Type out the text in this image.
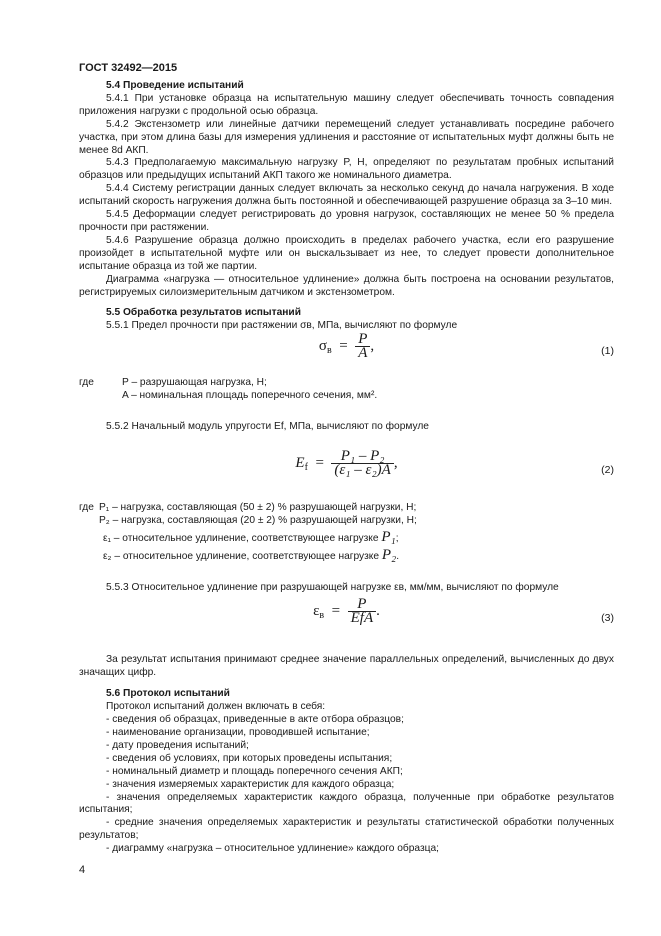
ГОСТ 32492—2015

5.4 Проведение испытаний

5.4.1 При установке образца на испытательную машину следует обеспечивать точность совпадения приложения нагрузки с продольной осью образца.

5.4.2 Экстензометр или линейные датчики перемещений следует устанавливать посредине рабочего участка, при этом длина базы для измерения удлинения и расстояние от испытательных муфт должны быть не менее 8d АКП.

5.4.3 Предполагаемую максимальную нагрузку P, Н, определяют по результатам пробных испытаний образцов или предыдущих испытаний АКП такого же номинального диаметра.

5.4.4 Систему регистрации данных следует включать за несколько секунд до начала нагружения. В ходе испытаний скорость нагружения должна быть постоянной и обеспечивающей разрушение образца за 3–10 мин.

5.4.5 Деформации следует регистрировать до уровня нагрузок, составляющих не менее 50 % предела прочности при растяжении.

5.4.6 Разрушение образца должно происходить в пределах рабочего участка, если его разрушение произойдет в испытательной муфте или он выскальзывает из нее, то следует провести дополнительное испытание образца из той же партии.

Диаграмма «нагрузка — относительное удлинение» должна быть построена на основании результатов, регистрируемых силоизмерительным датчиком и экстензометром.

5.5 Обработка результатов испытаний

5.5.1 Предел прочности при растяжении σв, МПа, вычисляют по формуле

$\sigma_в = \frac{P}{A}$ ,	(1)
где	P – разрушающая нагрузка, Н;

A – номинальная площадь поперечного сечения, мм².

5.5.2 Начальный модуль упругости Ef, МПа, вычисляют по формуле

$E_f = \frac{\text{P₁ – P₂}}{\text{(ε₁ – ε₂)A}}$ ,	(2)
где P₁ – нагрузка, составляющая (50 ± 2) % разрушающей нагрузки, Н;

P₂ – нагрузка, составляющая (20 ± 2) % разрушающей нагрузки, Н;

ε₁ – относительное удлинение, соответствующее нагрузке P₁;

ε₂ – относительное удлинение, соответствующее нагрузке P₂.

5.5.3 Относительное удлинение при разрушающей нагрузке εв, мм/мм, вычисляют по формуле

$\varepsilon_в = \frac{P}{\text{EfA}}$ .	(3)

За результат испытания принимают среднее значение параллельных определений, вычисленных до двух значащих цифр.

5.6 Протокол испытаний

Протокол испытаний должен включать в себя:

- сведения об образцах, приведенные в акте отбора образцов;

- наименование организации, проводившей испытание;

- дату проведения испытаний;

- сведения об условиях, при которых проведены испытания;

- номинальный диаметр и площадь поперечного сечения АКП;

- значения измеряемых характеристик для каждого образца;

- значения определяемых характеристик каждого образца, полученные при обработке результатов испытания;

- средние значения определяемых характеристик и результаты статистической обработки полученных результатов;

- диаграмму «нагрузка – относительное удлинение» каждого образца;

4
